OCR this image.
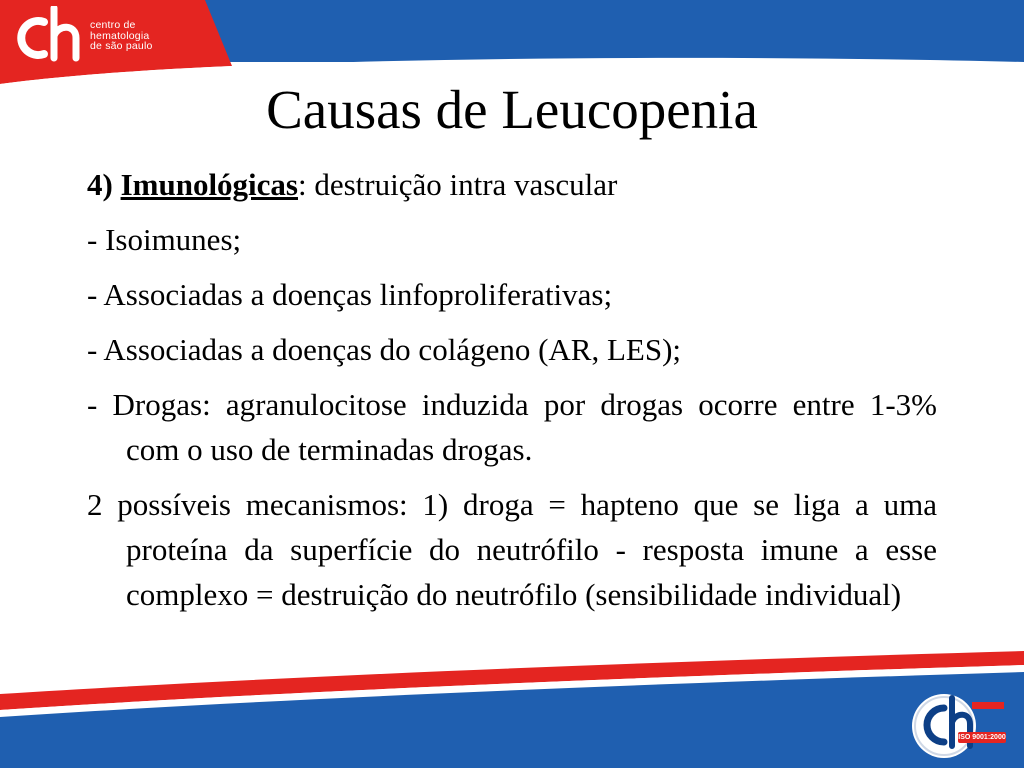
centro de
hematologia
de são paulo
Causas de Leucopenia

4) Imunológicas: destruição intra vascular

- Isoimunes;

- Associadas a doenças linfoproliferativas;

- Associadas a doenças do colágeno (AR, LES);

- Drogas: agranulocitose induzida por drogas ocorre entre 1-3% com o uso de terminadas drogas.

2 possíveis mecanismos: 1) droga = hapteno que se liga a uma proteína da superfície do neutrófilo - resposta imune a esse complexo = destruição do neutrófilo (sensibilidade individual)

ISO 9001:2000
